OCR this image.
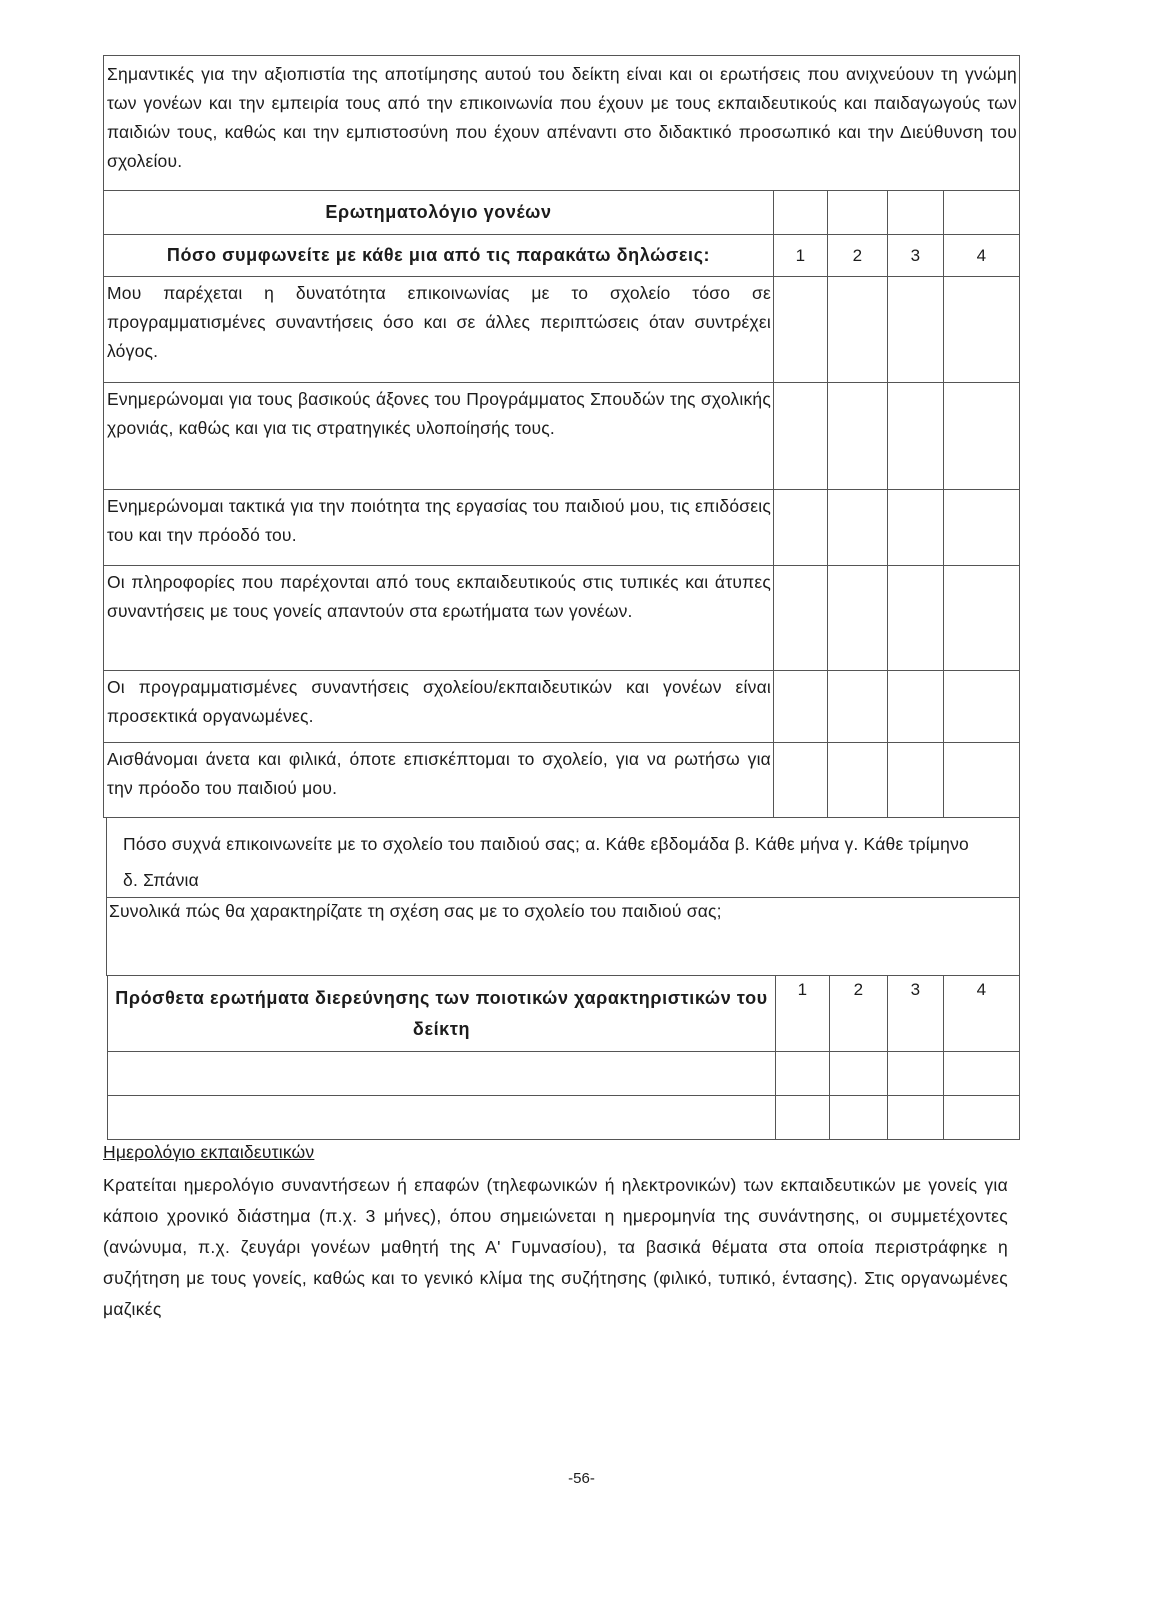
Σημαντικές για την αξιοπιστία της αποτίμησης αυτού του δείκτη είναι και οι ερωτήσεις που ανιχνεύουν τη γνώμη των γονέων και την εμπειρία τους από την επικοινωνία που έχουν με τους εκπαιδευτικούς και παιδαγωγούς των παιδιών τους, καθώς και την εμπιστοσύνη που έχουν απέναντι στο διδακτικό προσωπικό και την Διεύθυνση του σχολείου.
Ερωτηματολόγιο γονέων				
Πόσο συμφωνείτε με κάθε μια από τις παρακάτω δηλώσεις:	1	2	3	4
Μου παρέχεται η δυνατότητα επικοινωνίας με το σχολείο τόσο σε προγραμματισμένες συναντήσεις όσο και σε άλλες περιπτώσεις όταν συντρέχει λόγος.				
Ενημερώνομαι για τους βασικούς άξονες του Προγράμματος Σπουδών της σχολικής χρονιάς, καθώς και για τις στρατηγικές υλοποίησής τους.				
Ενημερώνομαι τακτικά για την ποιότητα της εργασίας του παιδιού μου, τις επιδόσεις του και την πρόοδό του.				
Οι πληροφορίες που παρέχονται από τους εκπαιδευτικούς στις τυπικές και άτυπες συναντήσεις με τους γονείς απαντούν στα ερωτήματα των γονέων.				
Οι προγραμματισμένες συναντήσεις σχολείου/εκπαιδευτικών και γονέων είναι προσεκτικά οργανωμένες.				
Αισθάνομαι άνετα και φιλικά, όποτε επισκέπτομαι το σχολείο, για να ρωτήσω για την πρόοδο του παιδιού μου.				
Πόσο συχνά επικοινωνείτε με το σχολείο του παιδιού σας; α. Κάθε εβδομάδα β. Κάθε μήνα γ. Κάθε τρίμηνο δ. Σπάνια
Συνολικά πώς θα χαρακτηρίζατε τη σχέση σας με το σχολείο του παιδιού σας;
Πρόσθετα ερωτήματα διερεύνησης των ποιοτικών χαρακτηριστικών του δείκτη	1	2	3	4

Ημερολόγιο εκπαιδευτικών
Κρατείται ημερολόγιο συναντήσεων ή επαφών (τηλεφωνικών ή ηλεκτρονικών) των εκπαιδευτικών με γονείς για κάποιο χρονικό διάστημα (π.χ. 3 μήνες), όπου σημειώνεται η ημερομηνία της συνάντησης, οι συμμετέχοντες (ανώνυμα, π.χ. ζευγάρι γονέων μαθητή της Α' Γυμνασίου), τα βασικά θέματα στα οποία περιστράφηκε η συζήτηση με τους γονείς, καθώς και το γενικό κλίμα της συζήτησης (φιλικό, τυπικό, έντασης). Στις οργανωμένες μαζικές
-56-
